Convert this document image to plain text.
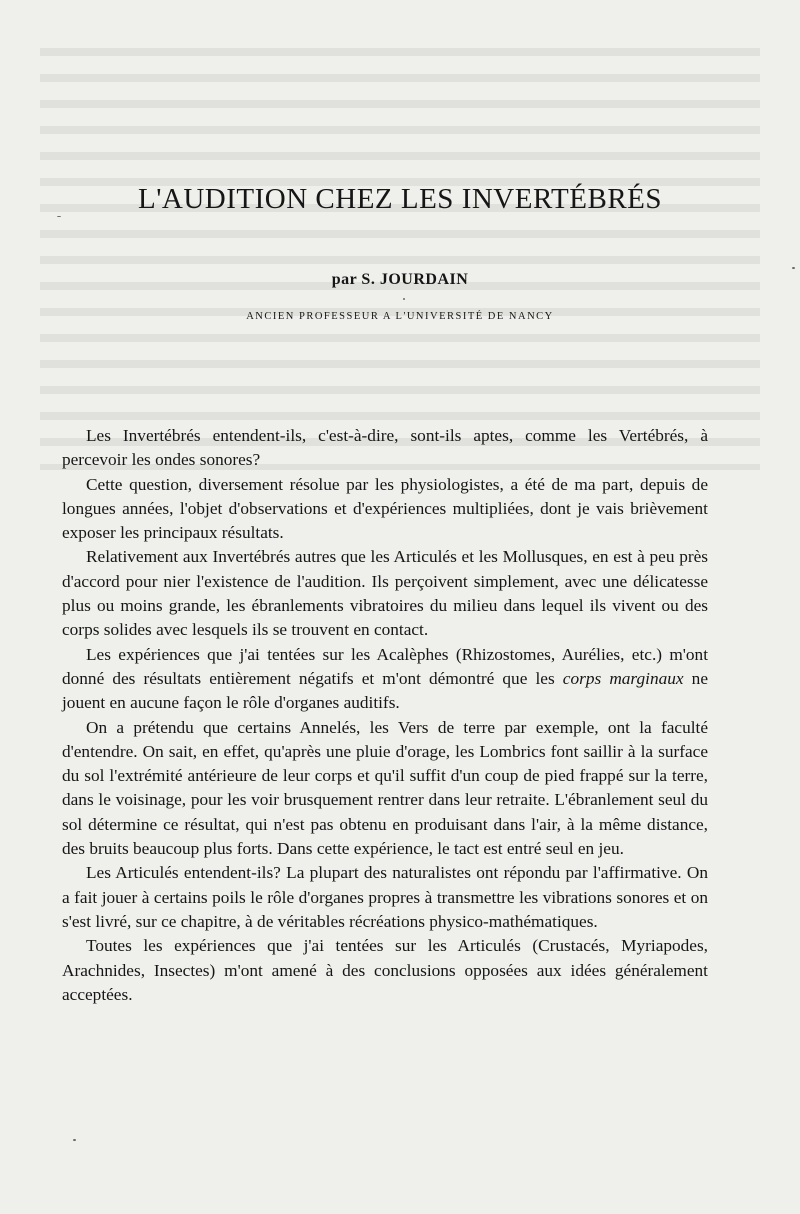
L'AUDITION CHEZ LES INVERTÉBRÉS
par S. JOURDAIN
ANCIEN PROFESSEUR A L'UNIVERSITÉ DE NANCY

Les Invertébrés entendent-ils, c'est-à-dire, sont-ils aptes, comme les Vertébrés, à percevoir les ondes sonores?

Cette question, diversement résolue par les physiologistes, a été de ma part, depuis de longues années, l'objet d'observations et d'expériences multipliées, dont je vais brièvement exposer les principaux résultats.

Relativement aux Invertébrés autres que les Articulés et les Mollusques, en est à peu près d'accord pour nier l'existence de l'audition. Ils perçoivent simplement, avec une délicatesse plus ou moins grande, les ébranlements vibratoires du milieu dans lequel ils vivent ou des corps solides avec lesquels ils se trouvent en contact.

Les expériences que j'ai tentées sur les Acalèphes (Rhizostomes, Aurélies, etc.) m'ont donné des résultats entièrement négatifs et m'ont démontré que les corps marginaux ne jouent en aucune façon le rôle d'organes auditifs.

On a prétendu que certains Annelés, les Vers de terre par exemple, ont la faculté d'entendre. On sait, en effet, qu'après une pluie d'orage, les Lombrics font saillir à la surface du sol l'extrémité antérieure de leur corps et qu'il suffit d'un coup de pied frappé sur la terre, dans le voisinage, pour les voir brusquement rentrer dans leur retraite. L'ébranlement seul du sol détermine ce résultat, qui n'est pas obtenu en produisant dans l'air, à la même distance, des bruits beaucoup plus forts. Dans cette expérience, le tact est entré seul en jeu.

Les Articulés entendent-ils? La plupart des naturalistes ont répondu par l'affirmative. On a fait jouer à certains poils le rôle d'organes propres à transmettre les vibrations sonores et on s'est livré, sur ce chapitre, à de véritables récréations physico-mathématiques.

Toutes les expériences que j'ai tentées sur les Articulés (Crustacés, Myriapodes, Arachnides, Insectes) m'ont amené à des conclusions opposées aux idées généralement acceptées.
